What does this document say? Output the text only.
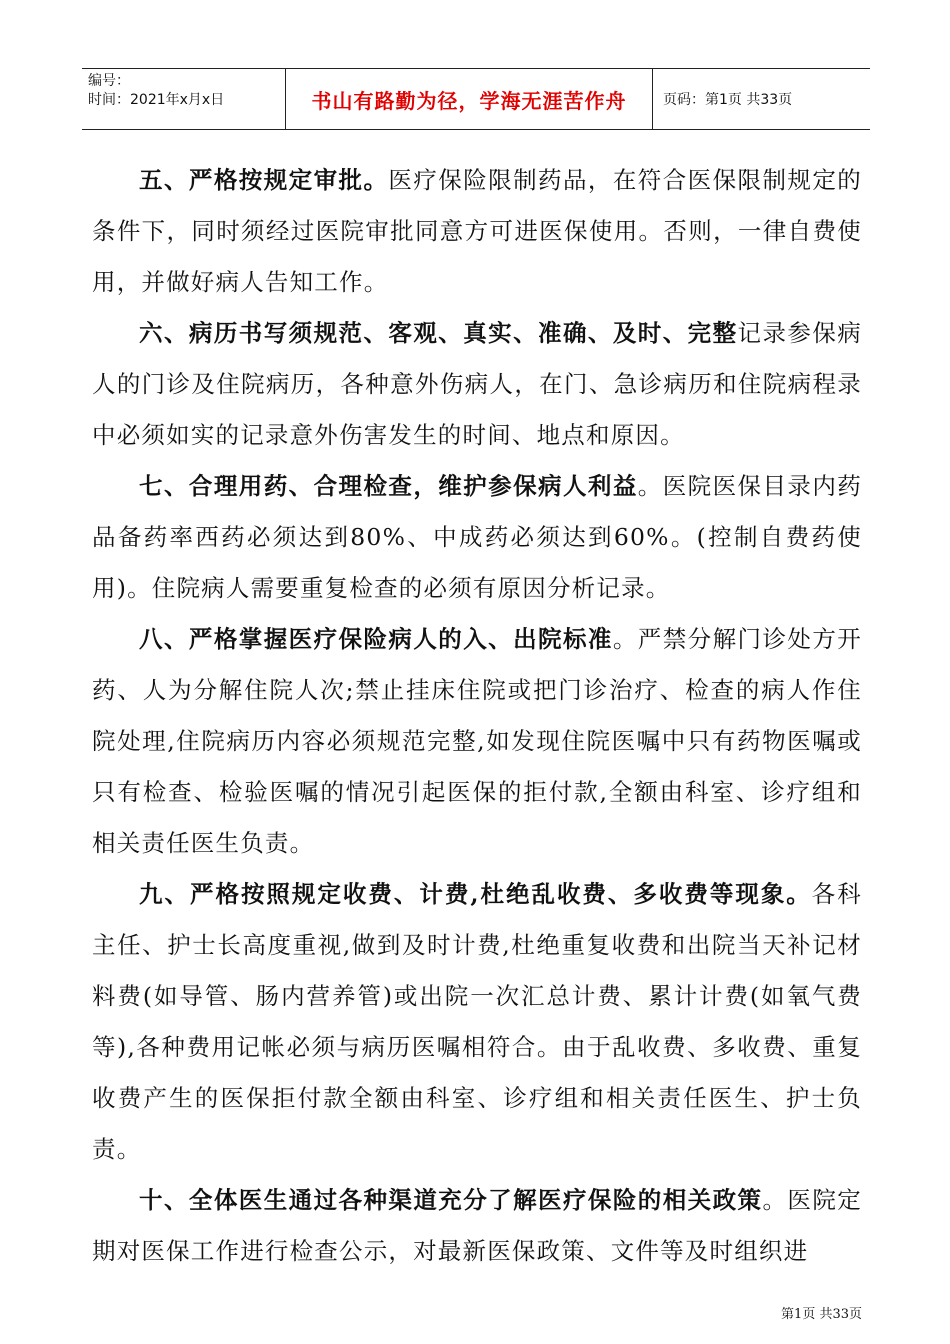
编号：
时间：2021年x月x日	书山有路勤为径，学海无涯苦作舟	页码：第1页 共33页

五、严格按规定审批。医疗保险限制药品，在符合医保限制规定的条件下，同时须经过医院审批同意方可进医保使用。否则，一律自费使用，并做好病人告知工作。

六、病历书写须规范、客观、真实、准确、及时、完整记录参保病人的门诊及住院病历，各种意外伤病人，在门、急诊病历和住院病程录中必须如实的记录意外伤害发生的时间、地点和原因。

七、合理用药、合理检查，维护参保病人利益。医院医保目录内药品备药率西药必须达到80%、中成药必须达到60%。(控制自费药使用)。住院病人需要重复检查的必须有原因分析记录。

八、严格掌握医疗保险病人的入、出院标准。严禁分解门诊处方开药、人为分解住院人次;禁止挂床住院或把门诊治疗、检查的病人作住院处理,住院病历内容必须规范完整,如发现住院医嘱中只有药物医嘱或只有检查、检验医嘱的情况引起医保的拒付款,全额由科室、诊疗组和相关责任医生负责。

九、严格按照规定收费、计费,杜绝乱收费、多收费等现象。各科主任、护士长高度重视,做到及时计费,杜绝重复收费和出院当天补记材料费(如导管、肠内营养管)或出院一次汇总计费、累计计费(如氧气费等),各种费用记帐必须与病历医嘱相符合。由于乱收费、多收费、重复收费产生的医保拒付款全额由科室、诊疗组和相关责任医生、护士负责。

十、全体医生通过各种渠道充分了解医疗保险的相关政策。医院定期对医保工作进行检查公示，对最新医保政策、文件等及时组织进

第1页 共33页
